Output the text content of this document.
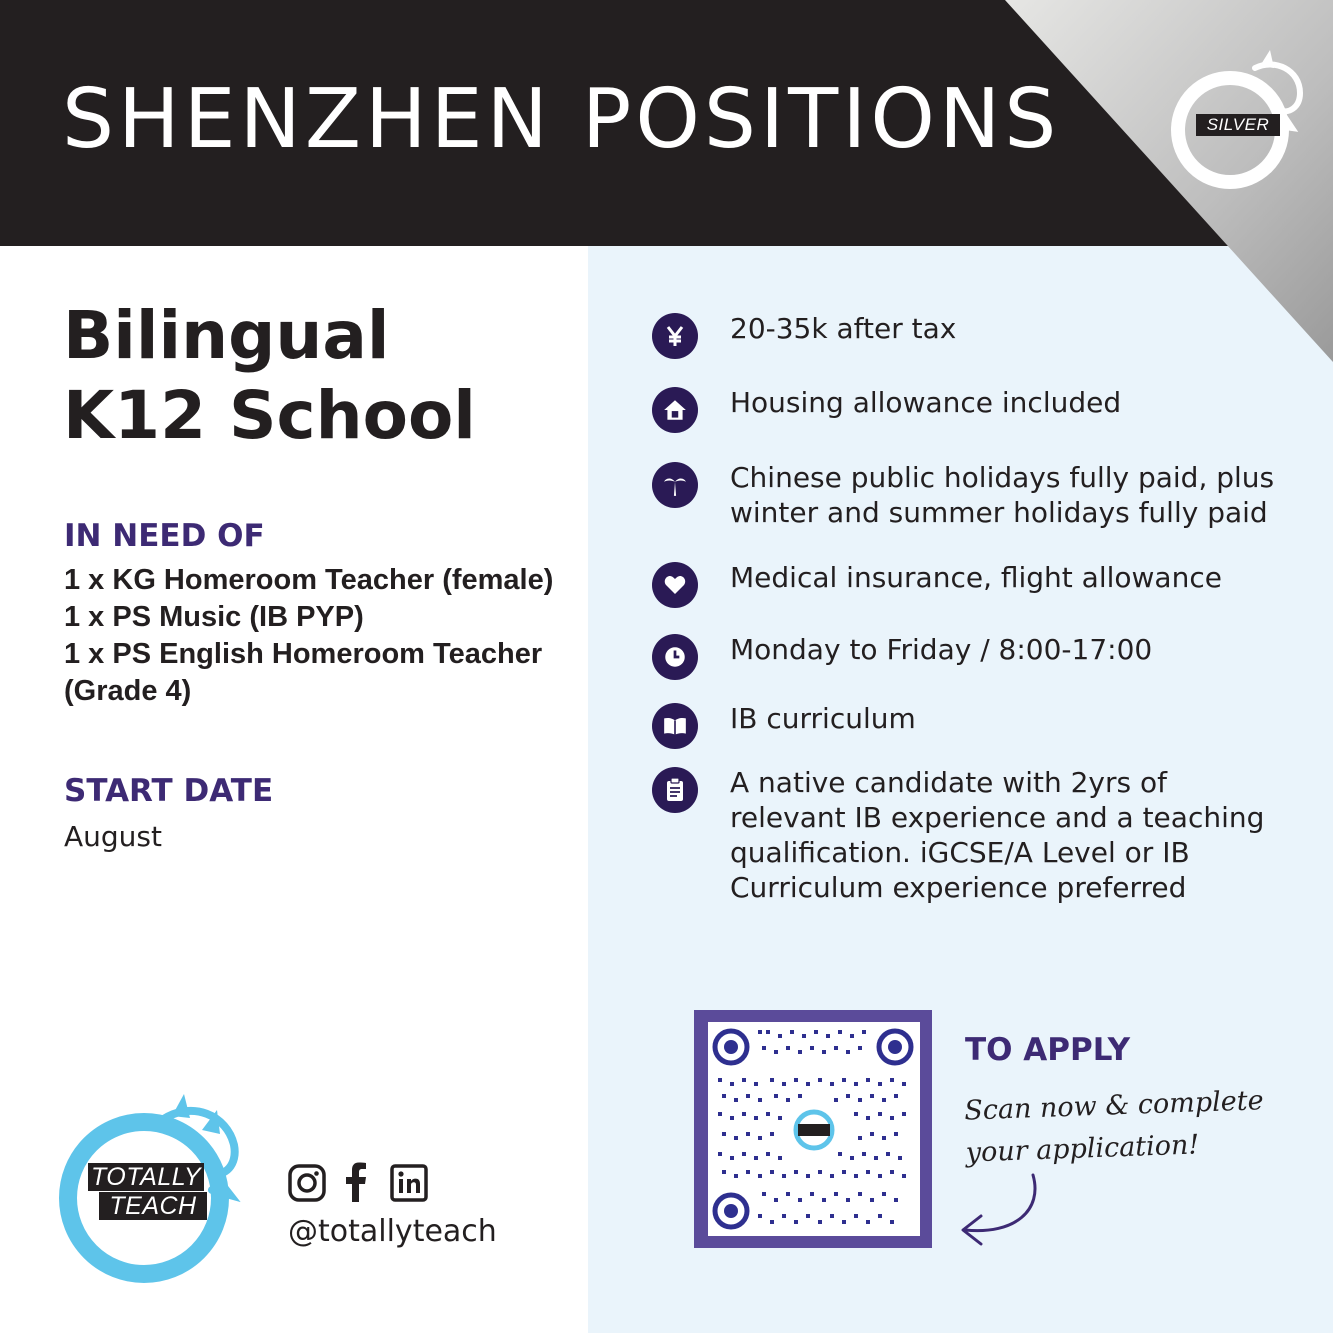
SHENZHEN POSITIONS	SILVER
Bilingual
K12 School
IN NEED OF
1 x KG Homeroom Teacher (female)
1 x PS Music (IB PYP)
1 x PS English Homeroom Teacher
(Grade 4)
START DATE
August
20-35k after tax
Housing allowance included
Chinese public holidays fully paid, plus winter and summer holidays fully paid
Medical insurance, flight allowance
Monday to Friday / 8:00-17:00
IB curriculum
A native candidate with 2yrs of relevant IB experience and a teaching qualification. iGCSE/A Level or IB Curriculum experience preferred
TO APPLY
Scan now & complete your application!
TOTALLY
TEACH
@totallyteach
